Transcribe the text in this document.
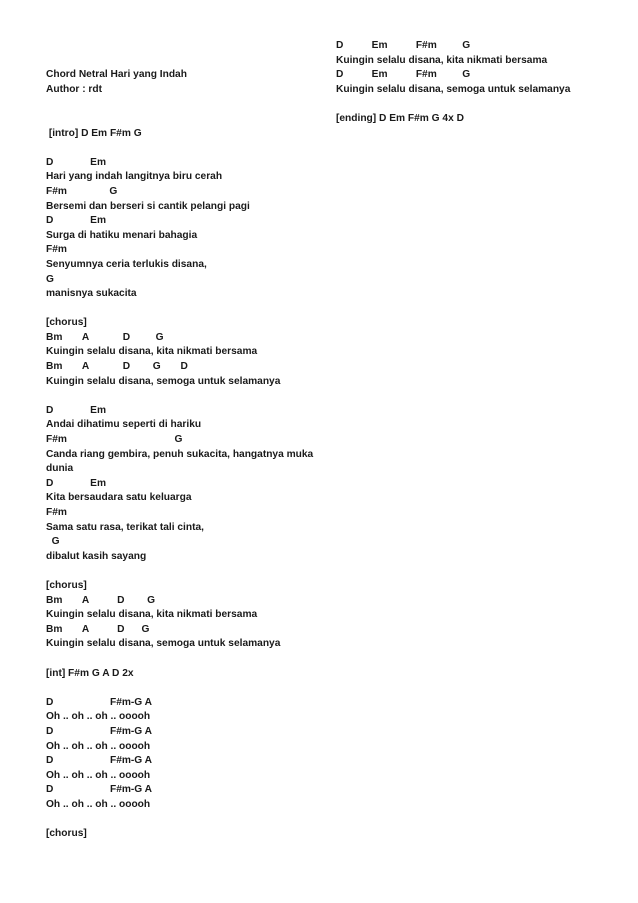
Chord Netral Hari yang Indah
Author : rdt
[intro] D Em F#m G
D             Em
Hari yang indah langitnya biru cerah
F#m               G
Bersemi dan berseri si cantik pelangi pagi
D             Em
Surga di hatiku menari bahagia
F#m
Senyumnya ceria terlukis disana,
G
manisnya sukacita
[chorus]
Bm       A            D         G
Kuingin selalu disana, kita nikmati bersama
Bm       A            D        G       D
Kuingin selalu disana, semoga untuk selamanya
D             Em
Andai dihatimu seperti di hariku
F#m                                      G
Canda riang gembira, penuh sukacita, hangatnya muka dunia
D             Em
Kita bersaudara satu keluarga
F#m
Sama satu rasa, terikat tali cinta,
G
dibalut kasih sayang
[chorus]
Bm       A          D        G
Kuingin selalu disana, kita nikmati bersama
Bm       A          D      G
Kuingin selalu disana, semoga untuk selamanya
[int] F#m G A D 2x
D                    F#m-G A
Oh .. oh .. oh .. ooooh
D                    F#m-G A
Oh .. oh .. oh .. ooooh
D                    F#m-G A
Oh .. oh .. oh .. ooooh
D                    F#m-G A
Oh .. oh .. oh .. ooooh
[chorus]
D          Em          F#m         G
Kuingin selalu disana, kita nikmati bersama
D          Em          F#m         G
Kuingin selalu disana, semoga untuk selamanya
[ending] D Em F#m G 4x D
